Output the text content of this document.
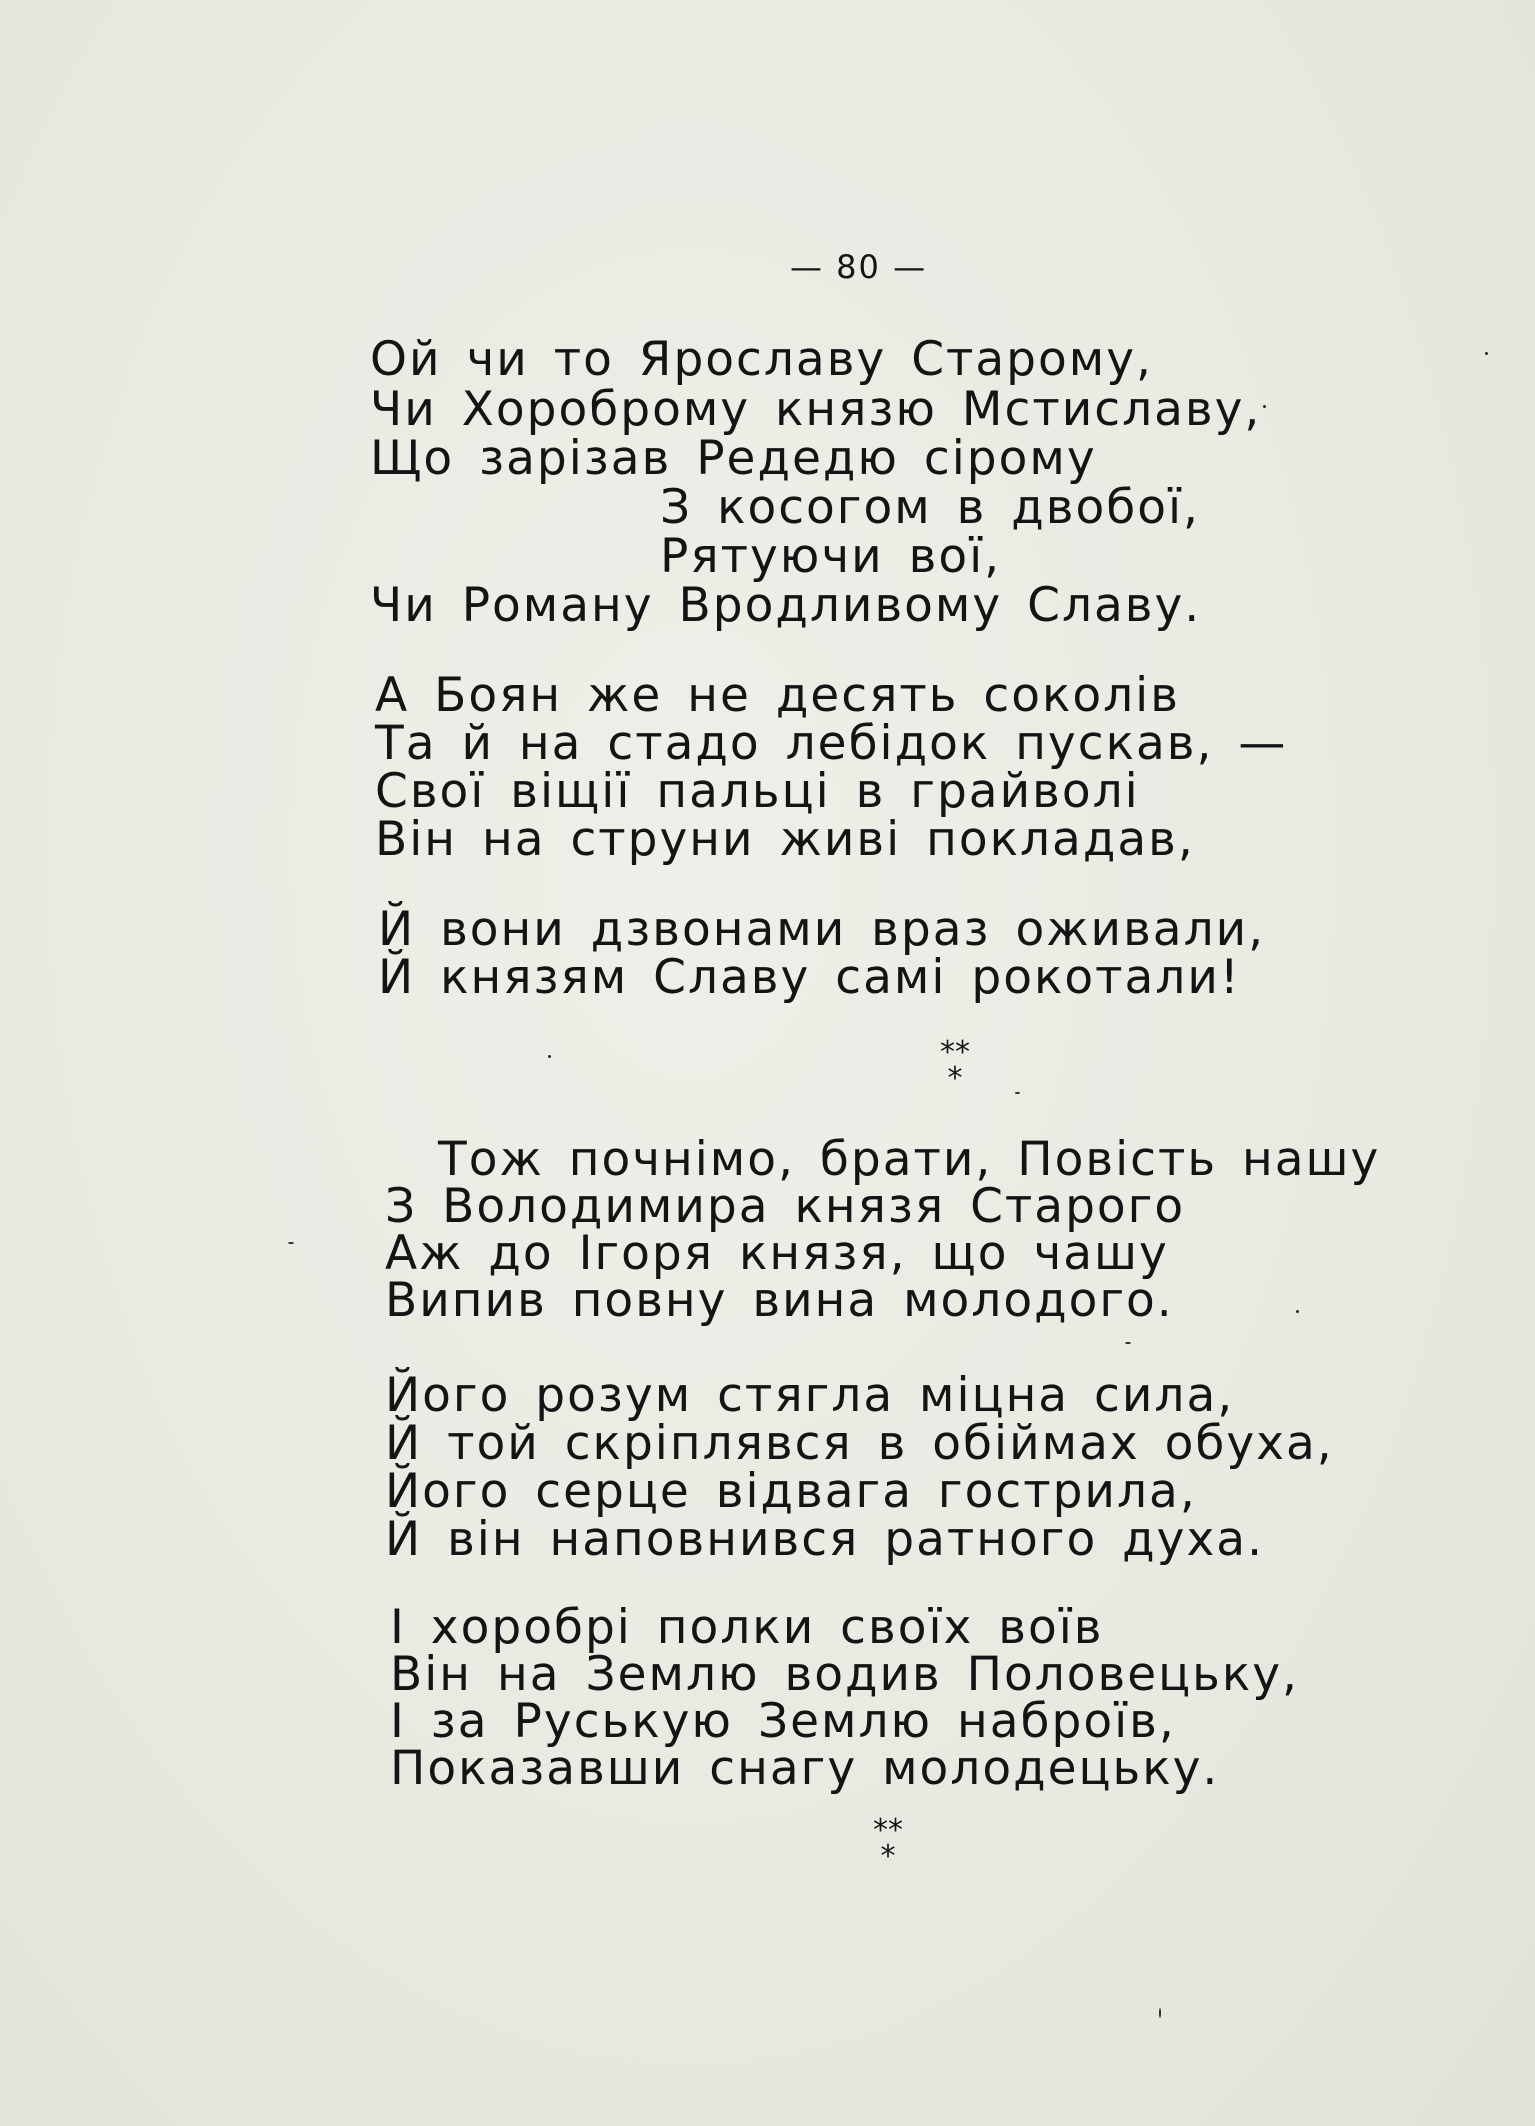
— 80 —
Ой чи то Ярославу Старому,
Чи Хороброму князю Мстиславу,
Що зарізав Редедю сірому
З косогом в двобої,
Рятуючи вої,
Чи Роману Вродливому Славу.
А Боян же не десять соколів
Та й на стадо лебідок пускав, —
Свої віщії пальці в грайволі
Він на струни живі покладав,
Й вони дзвонами враз оживали,
Й князям Славу самі рокотали!
**
*
Тож почнімо, брати, Повість нашу
З Володимира князя Старого
Аж до Ігоря князя, що чашу
Випив повну вина молодого.
Його розум стягла міцна сила,
Й той скріплявся в обіймах обуха,
Його серце відвага гострила,
Й він наповнився ратного духа.
І хоробрі полки своїх воїв
Він на Землю водив Половецьку,
І за Руськую Землю наброїв,
Показавши снагу молодецьку.
**
*
